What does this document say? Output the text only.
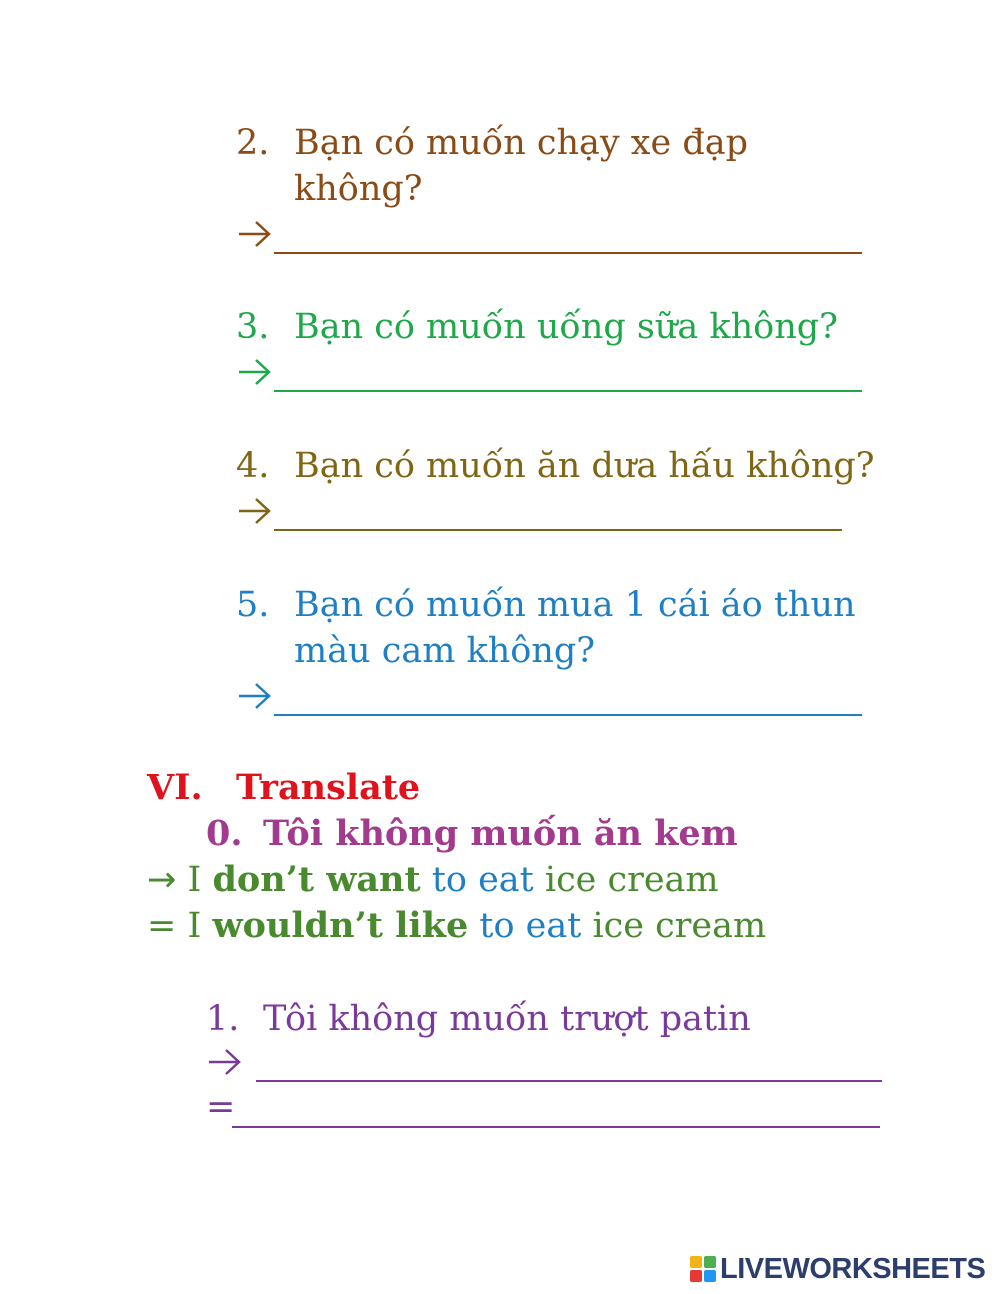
2. Bạn có muốn chạy xe đạp
không?
3. Bạn có muốn uống sữa không?
4. Bạn có muốn ăn dưa hấu không?
5. Bạn có muốn mua 1 cái áo thun
màu cam không?
VI. Translate
0. Tôi không muốn ăn kem
→ I don’t want to eat ice cream
= I wouldn’t like to eat ice cream
1. Tôi không muốn trượt patin
=
LIVEWORKSHEETS
